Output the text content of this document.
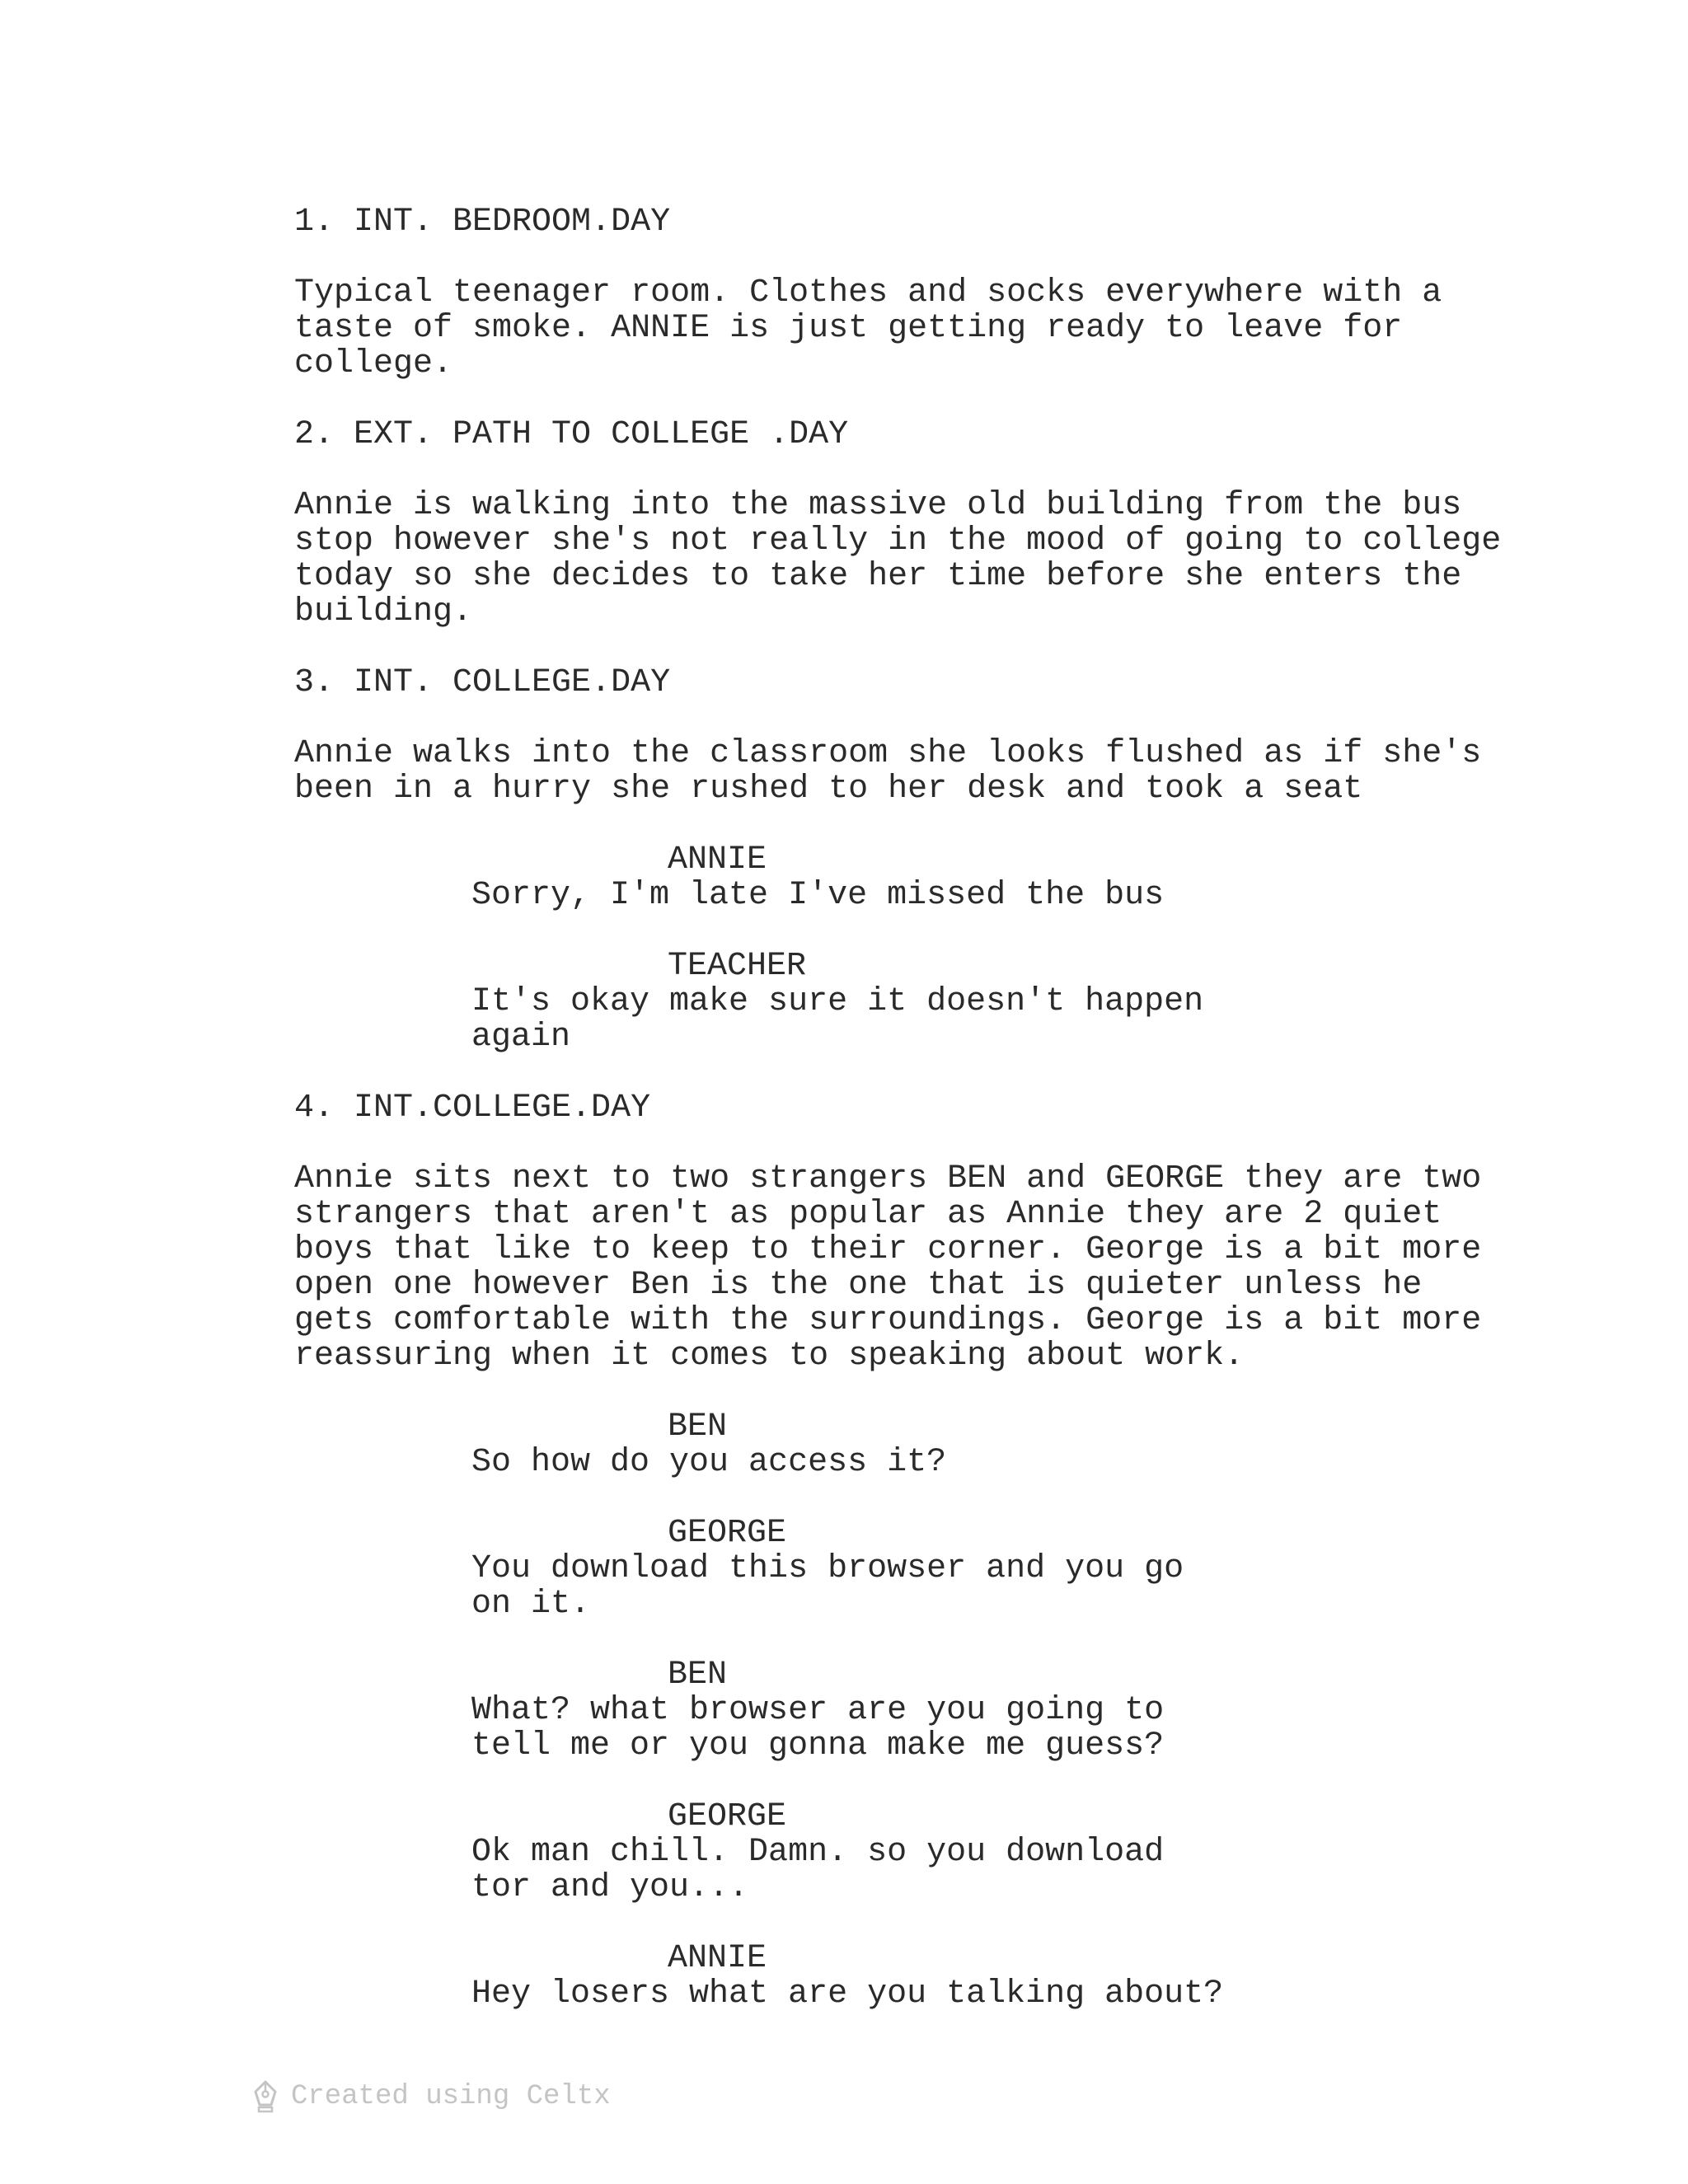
1. INT. BEDROOM.DAY
Typical teenager room. Clothes and socks everywhere with a
taste of smoke. ANNIE is just getting ready to leave for
college.
2. EXT. PATH TO COLLEGE .DAY
Annie is walking into the massive old building from the bus
stop however she's not really in the mood of going to college
today so she decides to take her time before she enters the
building.
3. INT. COLLEGE.DAY
Annie walks into the classroom she looks flushed as if she's
been in a hurry she rushed to her desk and took a seat
ANNIE
Sorry, I'm late I've missed the bus
TEACHER
It's okay make sure it doesn't happen
again
4. INT.COLLEGE.DAY
Annie sits next to two strangers BEN and GEORGE they are two
strangers that aren't as popular as Annie they are 2 quiet
boys that like to keep to their corner. George is a bit more
open one however Ben is the one that is quieter unless he
gets comfortable with the surroundings. George is a bit more
reassuring when it comes to speaking about work.
BEN
So how do you access it?
GEORGE
You download this browser and you go
on it.
BEN
What? what browser are you going to
tell me or you gonna make me guess?
GEORGE
Ok man chill. Damn. so you download
tor and you...
ANNIE
Hey losers what are you talking about?
Created using Celtx
